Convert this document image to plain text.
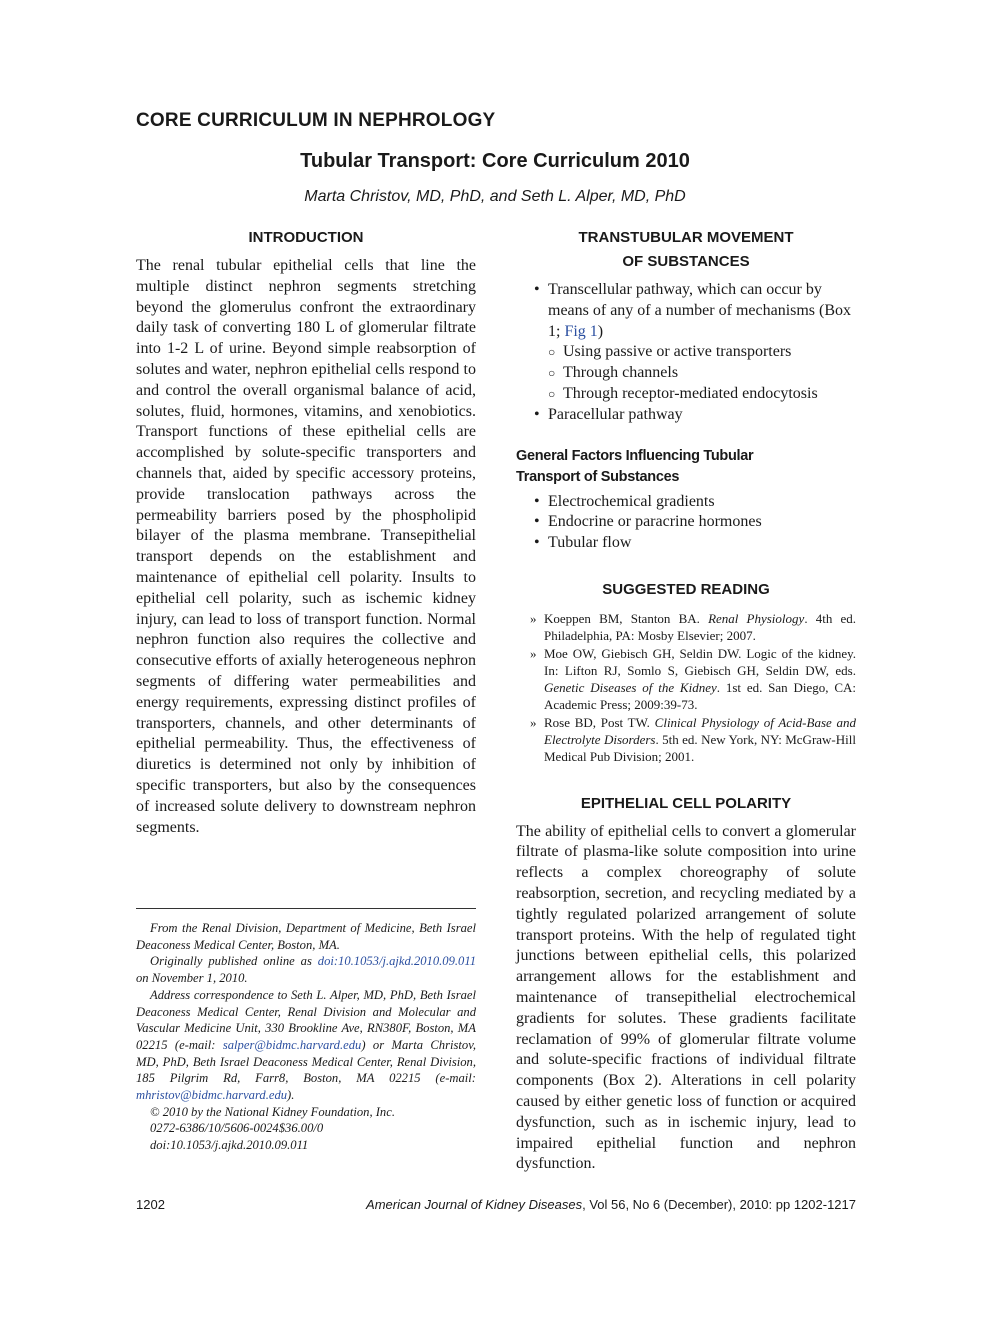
CORE CURRICULUM IN NEPHROLOGY
Tubular Transport: Core Curriculum 2010
Marta Christov, MD, PhD, and Seth L. Alper, MD, PhD
INTRODUCTION

The renal tubular epithelial cells that line the multiple distinct nephron segments stretching beyond the glomerulus confront the extraordinary daily task of converting 180 L of glomerular filtrate into 1-2 L of urine. Beyond simple reabsorption of solutes and water, nephron epithelial cells respond to and control the overall organismal balance of acid, solutes, fluid, hormones, vitamins, and xenobiotics. Transport functions of these epithelial cells are accomplished by solute-specific transporters and channels that, aided by specific accessory proteins, provide translocation pathways across the permeability barriers posed by the phospholipid bilayer of the plasma membrane. Transepithelial transport depends on the establishment and maintenance of epithelial cell polarity. Insults to epithelial cell polarity, such as ischemic kidney injury, can lead to loss of transport function. Normal nephron function also requires the collective and consecutive efforts of axially heterogeneous nephron segments of differing water permeabilities and energy requirements, expressing distinct profiles of transporters, channels, and other determinants of epithelial permeability. Thus, the effectiveness of diuretics is determined not only by inhibition of specific transporters, but also by the consequences of increased solute delivery to downstream nephron segments.

From the Renal Division, Department of Medicine, Beth Israel Deaconess Medical Center, Boston, MA.

Originally published online as doi:10.1053/j.ajkd.2010.09.011 on November 1, 2010.

Address correspondence to Seth L. Alper, MD, PhD, Beth Israel Deaconess Medical Center, Renal Division and Molecular and Vascular Medicine Unit, 330 Brookline Ave, RN380F, Boston, MA 02215 (e-mail: salper@bidmc.harvard.edu) or Marta Christov, MD, PhD, Beth Israel Deaconess Medical Center, Renal Division, 185 Pilgrim Rd, Farr8, Boston, MA 02215 (e-mail: mhristov@bidmc.harvard.edu).

© 2010 by the National Kidney Foundation, Inc.

0272-6386/10/5606-0024$36.00/0

doi:10.1053/j.ajkd.2010.09.011

TRANSTUBULAR MOVEMENT
OF SUBSTANCES
• Transcellular pathway, which can occur by means of any of a number of mechanisms (Box 1; Fig 1)
○ Using passive or active transporters
○ Through channels
○ Through receptor-mediated endocytosis
• Paracellular pathway
General Factors Influencing Tubular
Transport of Substances
• Electrochemical gradients
• Endocrine or paracrine hormones
• Tubular flow
SUGGESTED READING
» Koeppen BM, Stanton BA. Renal Physiology. 4th ed. Philadelphia, PA: Mosby Elsevier; 2007.
» Moe OW, Giebisch GH, Seldin DW. Logic of the kidney. In: Lifton RJ, Somlo S, Giebisch GH, Seldin DW, eds. Genetic Diseases of the Kidney. 1st ed. San Diego, CA: Academic Press; 2009:39-73.
» Rose BD, Post TW. Clinical Physiology of Acid-Base and Electrolyte Disorders. 5th ed. New York, NY: McGraw-Hill Medical Pub Division; 2001.
EPITHELIAL CELL POLARITY

The ability of epithelial cells to convert a glomerular filtrate of plasma-like solute composition into urine reflects a complex choreography of solute reabsorption, secretion, and recycling mediated by a tightly regulated polarized arrangement of solute transport proteins. With the help of regulated tight junctions between epithelial cells, this polarized arrangement allows for the establishment and maintenance of transepithelial electrochemical gradients for solutes. These gradients facilitate reclamation of 99% of glomerular filtrate volume and solute-specific fractions of individual filtrate components (Box 2). Alterations in cell polarity caused by either genetic loss of function or acquired dysfunction, such as in ischemic injury, lead to impaired epithelial function and nephron dysfunction.

1202	American Journal of Kidney Diseases, Vol 56, No 6 (December), 2010: pp 1202-1217
